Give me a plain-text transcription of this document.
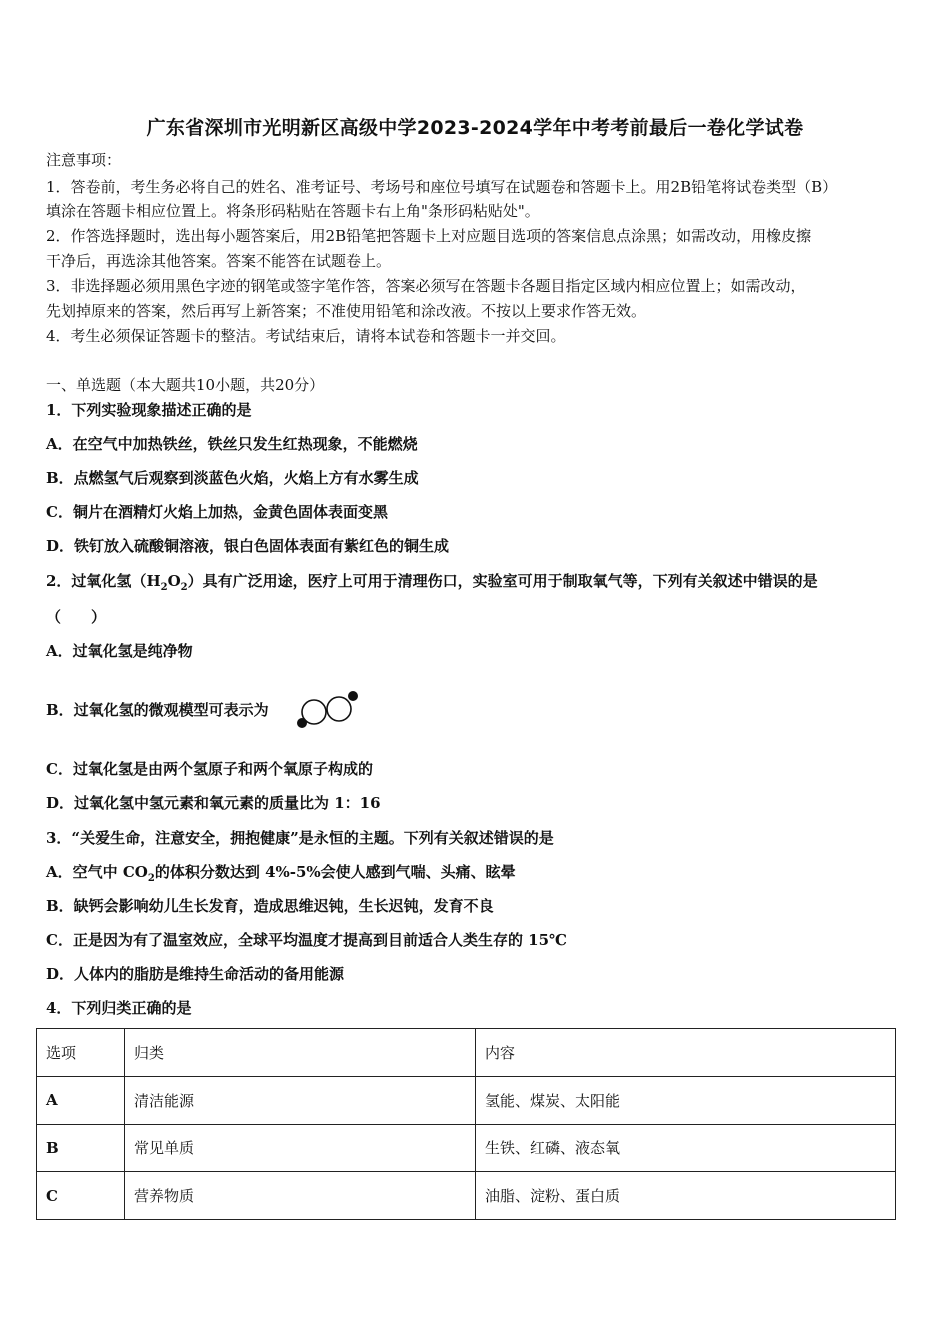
广东省深圳市光明新区高级中学2023-2024学年中考考前最后一卷化学试卷
注意事项：
1．答卷前，考生务必将自己的姓名、准考证号、考场号和座位号填写在试题卷和答题卡上。用2B铅笔将试卷类型（B）
填涂在答题卡相应位置上。将条形码粘贴在答题卡右上角"条形码粘贴处"。
2．作答选择题时，选出每小题答案后，用2B铅笔把答题卡上对应题目选项的答案信息点涂黑；如需改动，用橡皮擦
干净后，再选涂其他答案。答案不能答在试题卷上。
3．非选择题必须用黑色字迹的钢笔或签字笔作答，答案必须写在答题卡各题目指定区域内相应位置上；如需改动，
先划掉原来的答案，然后再写上新答案；不准使用铅笔和涂改液。不按以上要求作答无效。
4．考生必须保证答题卡的整洁。考试结束后，请将本试卷和答题卡一并交回。
一、单选题（本大题共10小题，共20分）
1．下列实验现象描述正确的是
A．在空气中加热铁丝，铁丝只发生红热现象，不能燃烧
B．点燃氢气后观察到淡蓝色火焰，火焰上方有水雾生成
C．铜片在酒精灯火焰上加热，金黄色固体表面变黑
D．铁钉放入硫酸铜溶液，银白色固体表面有紫红色的铜生成
2．过氧化氢$(H_2O_2)$具有广泛用途，医疗上可用于清理伤口，实验室可用于制取氧气等，下列有关叙述中错误的是
（　　）
A．过氧化氢是纯净物
B．过氧化氢的微观模型可表示为
C．过氧化氢是由两个氢原子和两个氧原子构成的
D．过氧化氢中氢元素和氧元素的质量比为 1：16
3．“关爱生命，注意安全，拥抱健康”是永恒的主题。下列有关叙述错误的是
A．空气中 $CO_2$的体积分数达到 4%-5%会使人感到气喘、头痛、眩晕
B．缺钙会影响幼儿生长发育，造成思维迟钝，生长迟钝，发育不良
C．正是因为有了温室效应，全球平均温度才提高到目前适合人类生存的 15℃
D．人体内的脂肪是维持生命活动的备用能源
4．下列归类正确的是
选项	归类	内容
A	清洁能源	氢能、煤炭、太阳能
B	常见单质	生铁、红磷、液态氧
C	营养物质	油脂、淀粉、蛋白质
